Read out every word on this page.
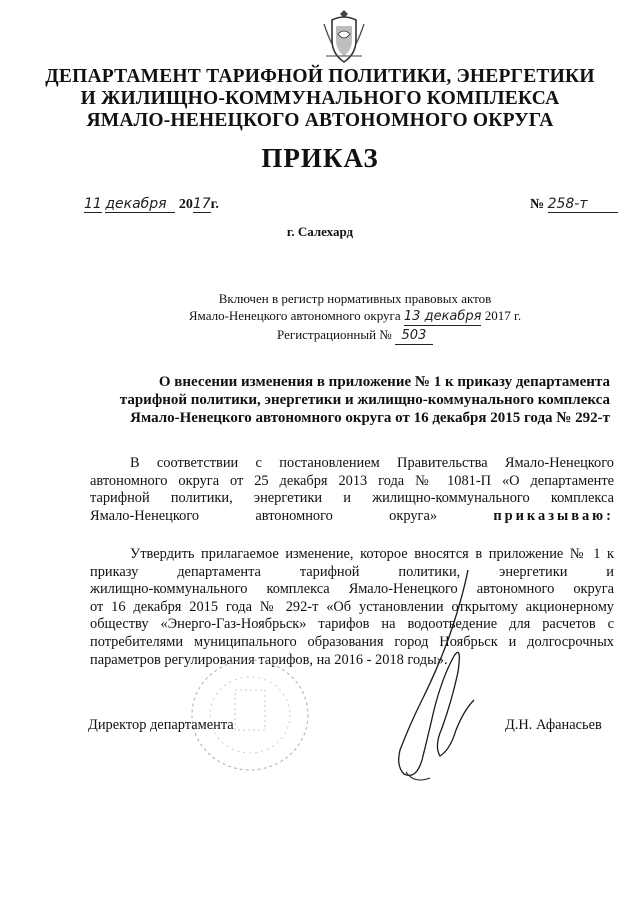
ДЕПАРТАМЕНТ ТАРИФНОЙ ПОЛИТИКИ, ЭНЕРГЕТИКИ
И ЖИЛИЩНО-КОММУНАЛЬНОГО КОМПЛЕКСА
ЯМАЛО-НЕНЕЦКОГО АВТОНОМНОГО ОКРУГА
ПРИКАЗ
11 декабря 2017г.	№ 258-т
г. Салехард
Включен в регистр нормативных правовых актов
Ямало-Ненецкого автономного округа 13 декабря 2017 г.
Регистрационный № 503
О внесении изменения в приложение № 1 к приказу департамента
тарифной политики, энергетики и жилищно-коммунального комплекса
Ямало-Ненецкого автономного округа от 16 декабря 2015 года № 292-т
В соответствии с постановлением Правительства Ямало-Ненецкого
автономного округа от 25 декабря 2013 года № 1081-П «О департаменте
тарифной политики, энергетики и жилищно-коммунального комплекса
Ямало-Ненецкого автономного округа»	приказываю:
Утвердить прилагаемое изменение, которое вносятся в приложение № 1 к
приказу департамента тарифной политики, энергетики и
жилищно-коммунального комплекса Ямало-Ненецкого автономного округа
от 16 декабря 2015 года № 292-т «Об установлении открытому акционерному
обществу «Энерго-Газ-Ноябрьск» тарифов на водоотведение для расчетов с
потребителями муниципального образования город Ноябрьск и долгосрочных
параметров регулирования тарифов, на 2016 - 2018 годы».
Директор департамента	Д.Н. Афанасьев
